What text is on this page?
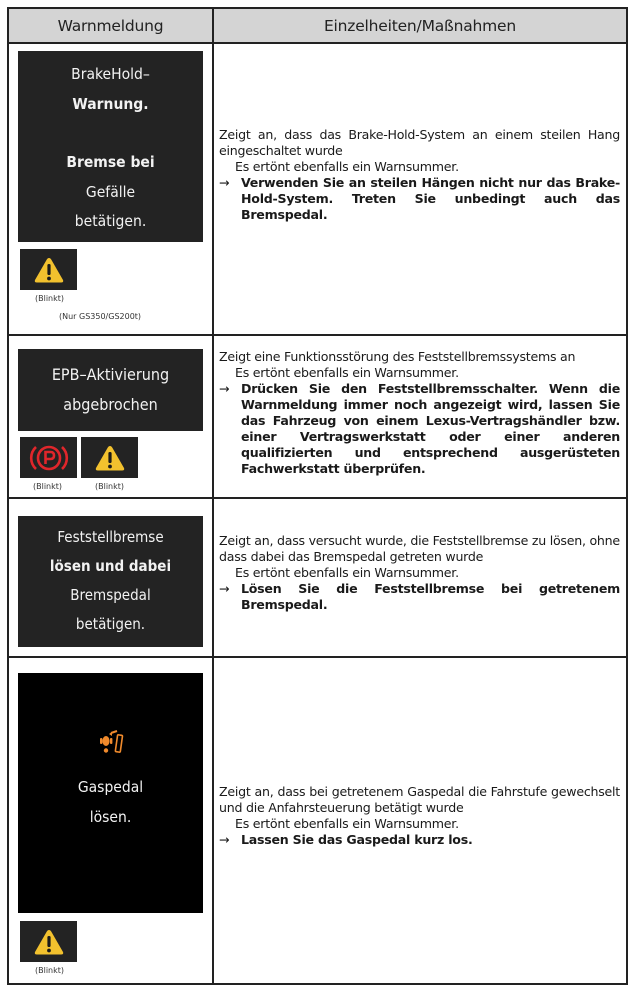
Warnmeldung	Einzelheiten/Maßnahmen
BrakeHold–
Warnung.
Bremse bei
Gefälle
betätigen.
(Blinkt)
(Nur GS350/GS200t)

Zeigt an, dass das Brake-Hold-System an einem steilen Hang eingeschaltet wurde

Es ertönt ebenfalls ein Warnsummer.

→ Verwenden Sie an steilen Hängen nicht nur das Brake-Hold-System. Treten Sie unbedingt auch das Bremspedal.
EPB–Aktivierung
abgebrochen
(Blinkt)	(Blinkt)

Zeigt eine Funktionsstörung des Feststellbremssystems an

Es ertönt ebenfalls ein Warnsummer.

→ Drücken Sie den Feststellbremsschalter. Wenn die Warnmeldung immer noch angezeigt wird, lassen Sie das Fahrzeug von einem Lexus-Vertragshändler bzw. einer Vertragswerkstatt oder einer anderen qualifizierten und entsprechend ausgerüsteten Fachwerkstatt überprüfen.
Feststellbremse
lösen und dabei
Bremspedal
betätigen.

Zeigt an, dass versucht wurde, die Feststellbremse zu lösen, ohne dass dabei das Bremspedal getreten wurde

Es ertönt ebenfalls ein Warnsummer.

→ Lösen Sie die Feststellbremse bei getretenem Bremspedal.
Gaspedal
lösen.
(Blinkt)

Zeigt an, dass bei getretenem Gaspedal die Fahrstufe gewechselt und die Anfahrsteuerung betätigt wurde

Es ertönt ebenfalls ein Warnsummer.

→ Lassen Sie das Gaspedal kurz los.
